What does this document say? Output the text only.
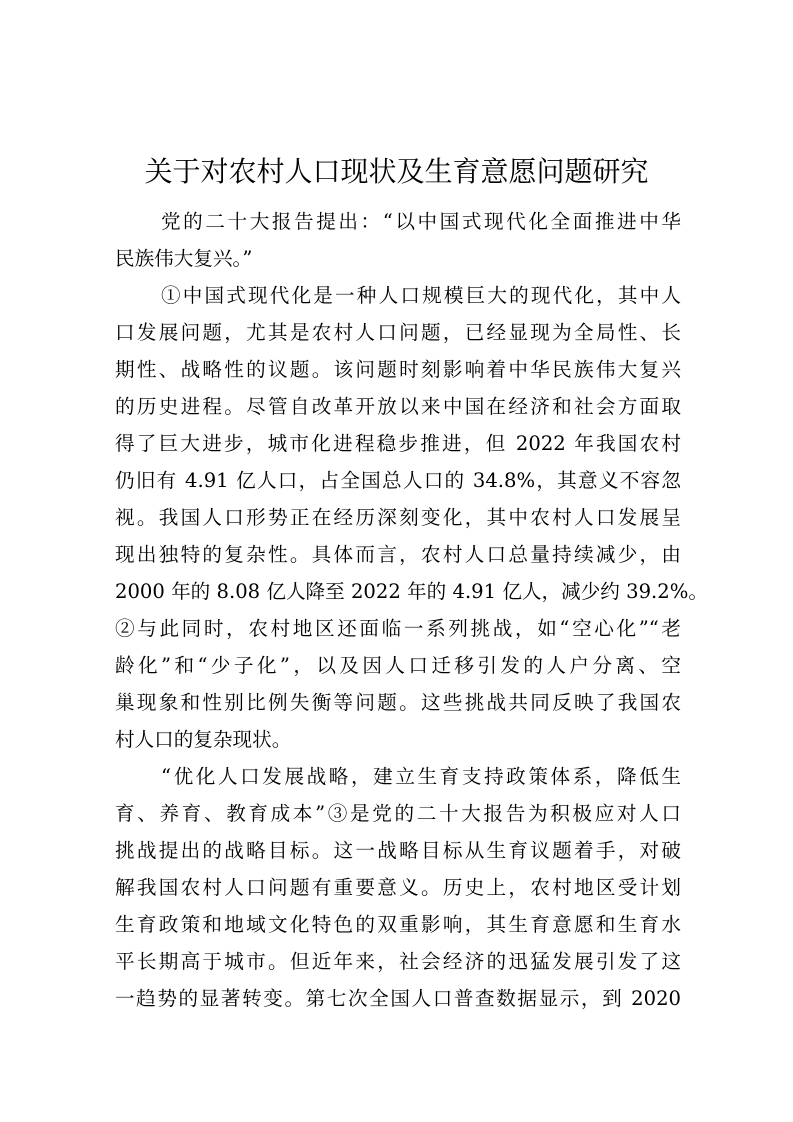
关于对农村人口现状及生育意愿问题研究
党的二十大报告提出：“以中国式现代化全面推进中华
民族伟大复兴。”
①中国式现代化是一种人口规模巨大的现代化，其中人
口发展问题，尤其是农村人口问题，已经显现为全局性、长
期性、战略性的议题。该问题时刻影响着中华民族伟大复兴
的历史进程。尽管自改革开放以来中国在经济和社会方面取
得了巨大进步，城市化进程稳步推进，但 2022 年我国农村
仍旧有 4.91 亿人口，占全国总人口的 34.8%，其意义不容忽
视。我国人口形势正在经历深刻变化，其中农村人口发展呈
现出独特的复杂性。具体而言，农村人口总量持续减少，由
2000 年的 8.08 亿人降至 2022 年的 4.91 亿人，减少约 39.2%。
②与此同时，农村地区还面临一系列挑战，如“空心化”“老
龄化”和“少子化”，以及因人口迁移引发的人户分离、空
巢现象和性别比例失衡等问题。这些挑战共同反映了我国农
村人口的复杂现状。
“优化人口发展战略，建立生育支持政策体系，降低生
育、养育、教育成本”③是党的二十大报告为积极应对人口
挑战提出的战略目标。这一战略目标从生育议题着手，对破
解我国农村人口问题有重要意义。历史上，农村地区受计划
生育政策和地域文化特色的双重影响，其生育意愿和生育水
平长期高于城市。但近年来，社会经济的迅猛发展引发了这
一趋势的显著转变。第七次全国人口普查数据显示，到 2020
